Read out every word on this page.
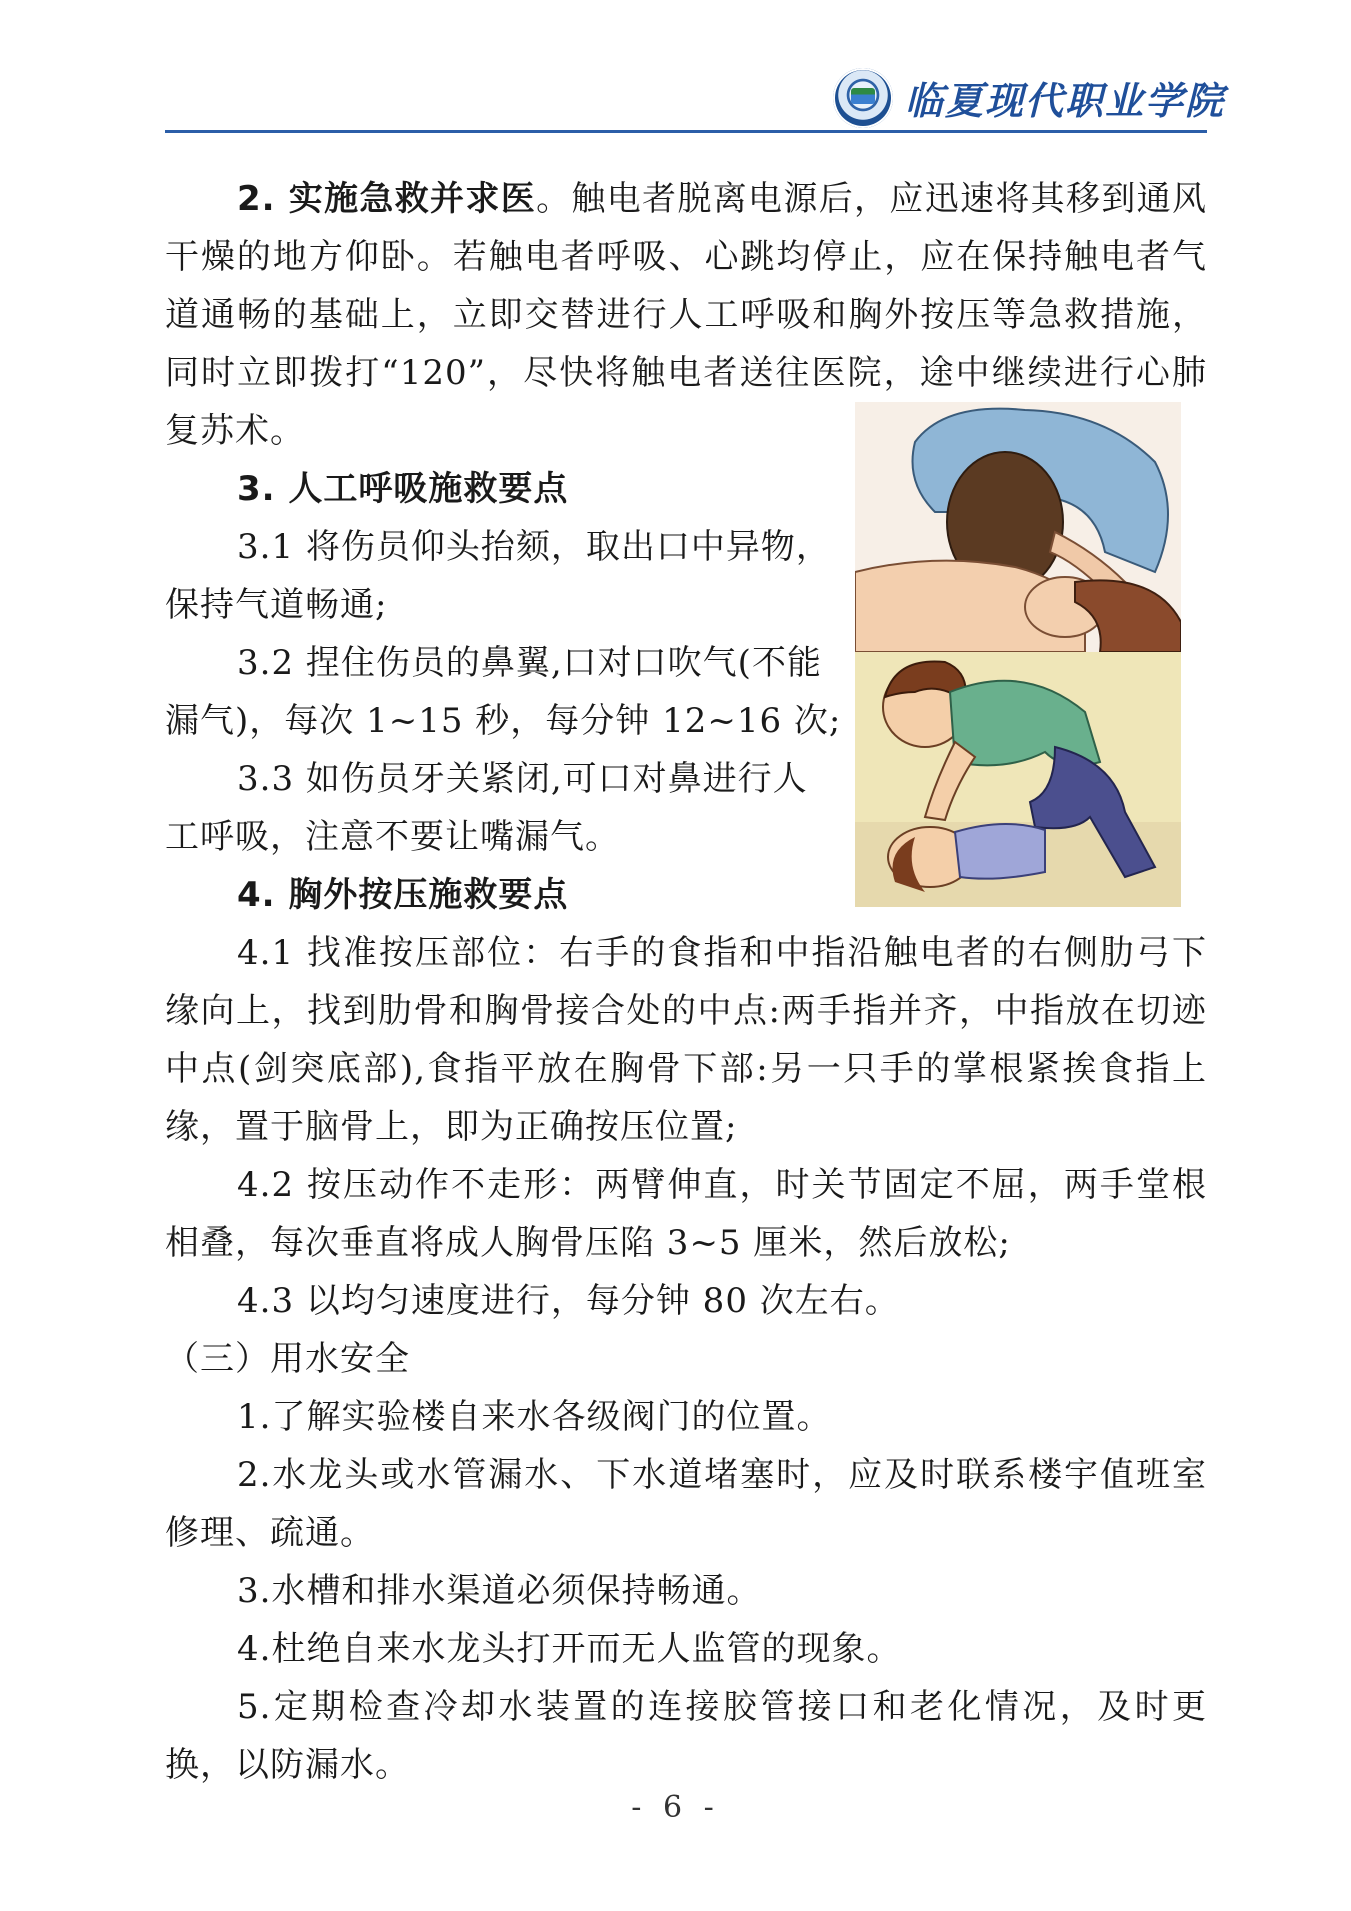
临夏现代职业学院
2. 实施急救并求医。触电者脱离电源后，应迅速将其移到通风干燥的地方仰卧。若触电者呼吸、心跳均停止，应在保持触电者气道通畅的基础上，立即交替进行人工呼吸和胸外按压等急救措施，同时立即拨打“120”，尽快将触电者送往医院，途中继续进行心肺复苏术。
3. 人工呼吸施救要点
3.1 将伤员仰头抬颏，取出口中异物，
保持气道畅通;
3.2 捏住伤员的鼻翼,口对口吹气(不能
漏气)，每次 1~15 秒，每分钟 12~16 次;
3.3 如伤员牙关紧闭,可口对鼻进行人
工呼吸，注意不要让嘴漏气。
4. 胸外按压施救要点
4.1 找准按压部位：右手的食指和中指沿触电者的右侧肋弓下缘向上，找到肋骨和胸骨接合处的中点:两手指并齐，中指放在切迹中点(剑突底部),食指平放在胸骨下部:另一只手的掌根紧挨食指上缘，置于脑骨上，即为正确按压位置;
4.2 按压动作不走形：两臂伸直，时关节固定不屈，两手堂根相叠，每次垂直将成人胸骨压陷 3~5 厘米，然后放松;
4.3 以均匀速度进行，每分钟 80 次左右。
（三）用水安全
1.了解实验楼自来水各级阀门的位置。
2.水龙头或水管漏水、下水道堵塞时，应及时联系楼宇值班室修理、疏通。
3.水槽和排水渠道必须保持畅通。
4.杜绝自来水龙头打开而无人监管的现象。
5.定期检查冷却水装置的连接胶管接口和老化情况，及时更换，以防漏水。
- 6 -
